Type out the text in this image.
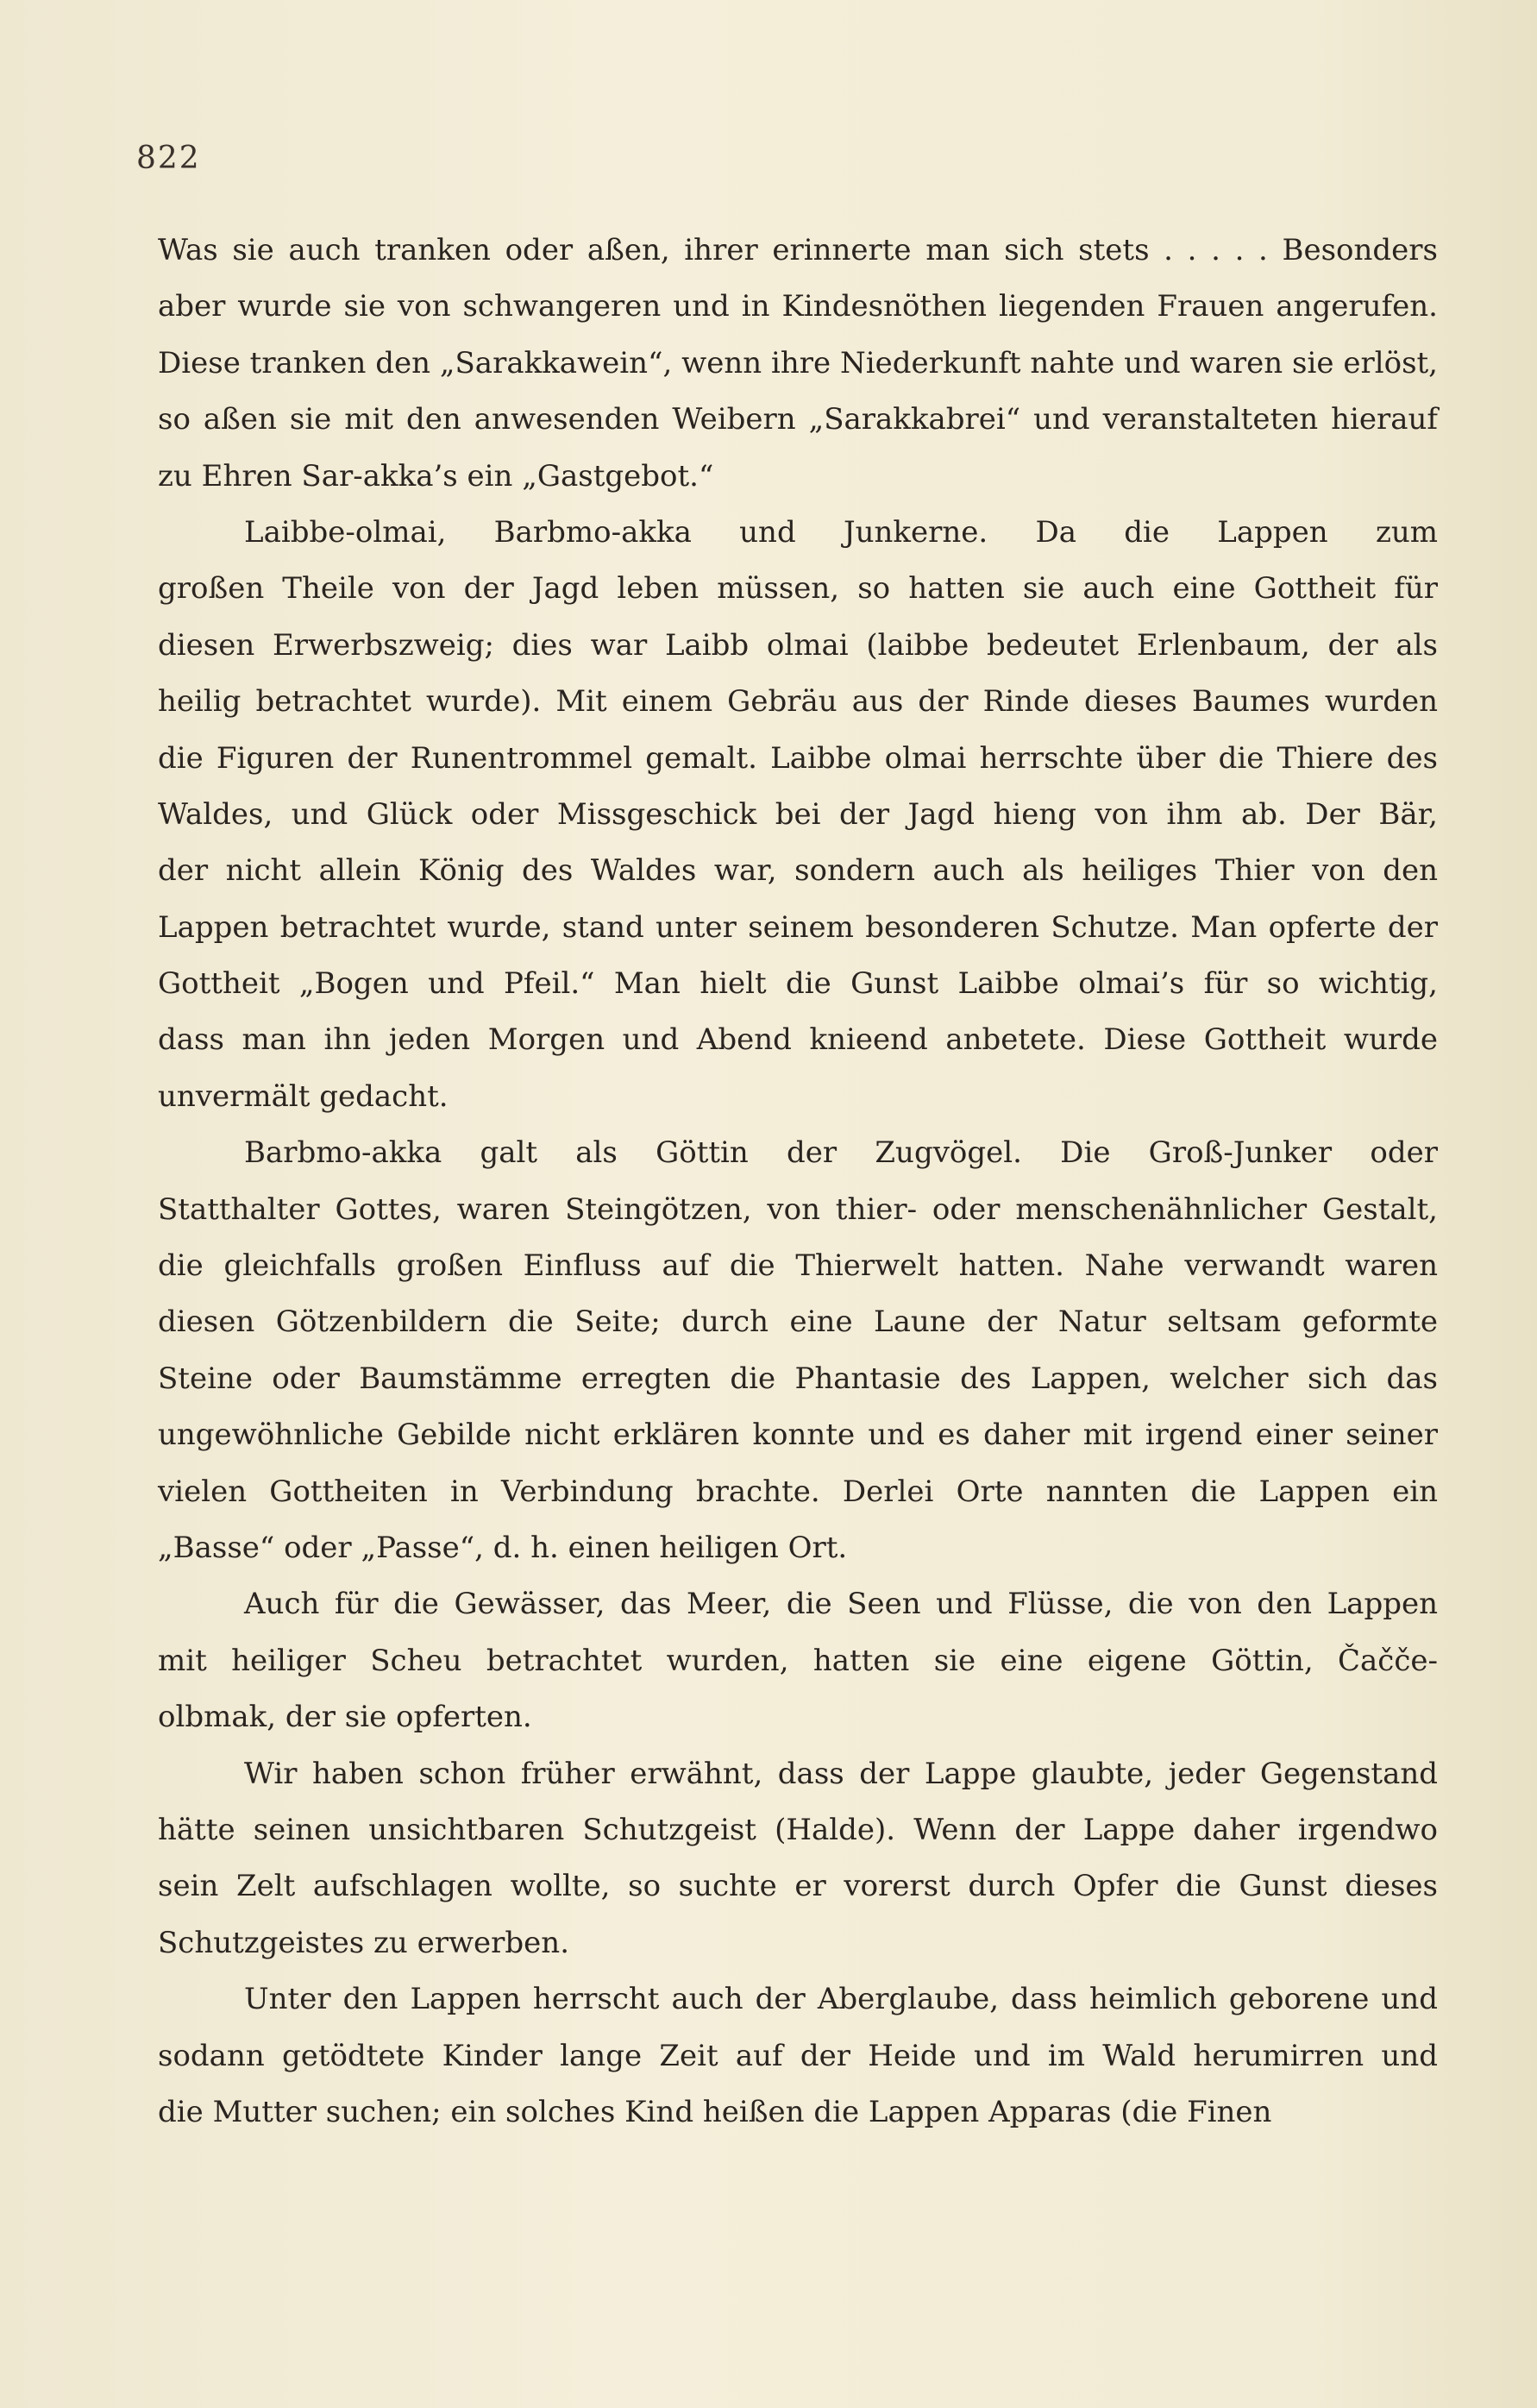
822
Was sie auch tranken oder aßen, ihrer erinnerte man sich stets . . . . . Besonders
aber wurde sie von schwangeren und in Kindesnöthen liegenden Frauen angerufen.
Diese tranken den „Sarakkawein“, wenn ihre Niederkunft nahte und waren sie erlöst,
so aßen sie mit den anwesenden Weibern „Sarakkabrei“ und veranstalteten hierauf
zu Ehren Sar-akka’s ein „Gastgebot.“
Laibbe-olmai, Barbmo-akka und Junkerne. Da die Lappen zum
großen Theile von der Jagd leben müssen, so hatten sie auch eine Gottheit für
diesen Erwerbszweig; dies war Laibb olmai (laibbe bedeutet Erlenbaum, der als
heilig betrachtet wurde). Mit einem Gebräu aus der Rinde dieses Baumes wurden
die Figuren der Runentrommel gemalt. Laibbe olmai herrschte über die Thiere des
Waldes, und Glück oder Missgeschick bei der Jagd hieng von ihm ab. Der Bär,
der nicht allein König des Waldes war, sondern auch als heiliges Thier von den
Lappen betrachtet wurde, stand unter seinem besonderen Schutze. Man opferte der
Gottheit „Bogen und Pfeil.“ Man hielt die Gunst Laibbe olmai’s für so wichtig,
dass man ihn jeden Morgen und Abend knieend anbetete. Diese Gottheit wurde
unvermält gedacht.
Barbmo-akka galt als Göttin der Zugvögel. Die Groß-Junker oder
Statthalter Gottes, waren Steingötzen, von thier- oder menschenähnlicher Gestalt,
die gleichfalls großen Einfluss auf die Thierwelt hatten. Nahe verwandt waren
diesen Götzenbildern die Seite; durch eine Laune der Natur seltsam geformte
Steine oder Baumstämme erregten die Phantasie des Lappen, welcher sich das
ungewöhnliche Gebilde nicht erklären konnte und es daher mit irgend einer seiner
vielen Gottheiten in Verbindung brachte. Derlei Orte nannten die Lappen ein
„Basse“ oder „Passe“, d. h. einen heiligen Ort.
Auch für die Gewässer, das Meer, die Seen und Flüsse, die von den Lappen
mit heiliger Scheu betrachtet wurden, hatten sie eine eigene Göttin, Čačče-
olbmak, der sie opferten.
Wir haben schon früher erwähnt, dass der Lappe glaubte, jeder Gegenstand
hätte seinen unsichtbaren Schutzgeist (Halde). Wenn der Lappe daher irgendwo
sein Zelt aufschlagen wollte, so suchte er vorerst durch Opfer die Gunst dieses
Schutzgeistes zu erwerben.
Unter den Lappen herrscht auch der Aberglaube, dass heimlich geborene und
sodann getödtete Kinder lange Zeit auf der Heide und im Wald herumirren und
die Mutter suchen; ein solches Kind heißen die Lappen Apparas (die Finen
